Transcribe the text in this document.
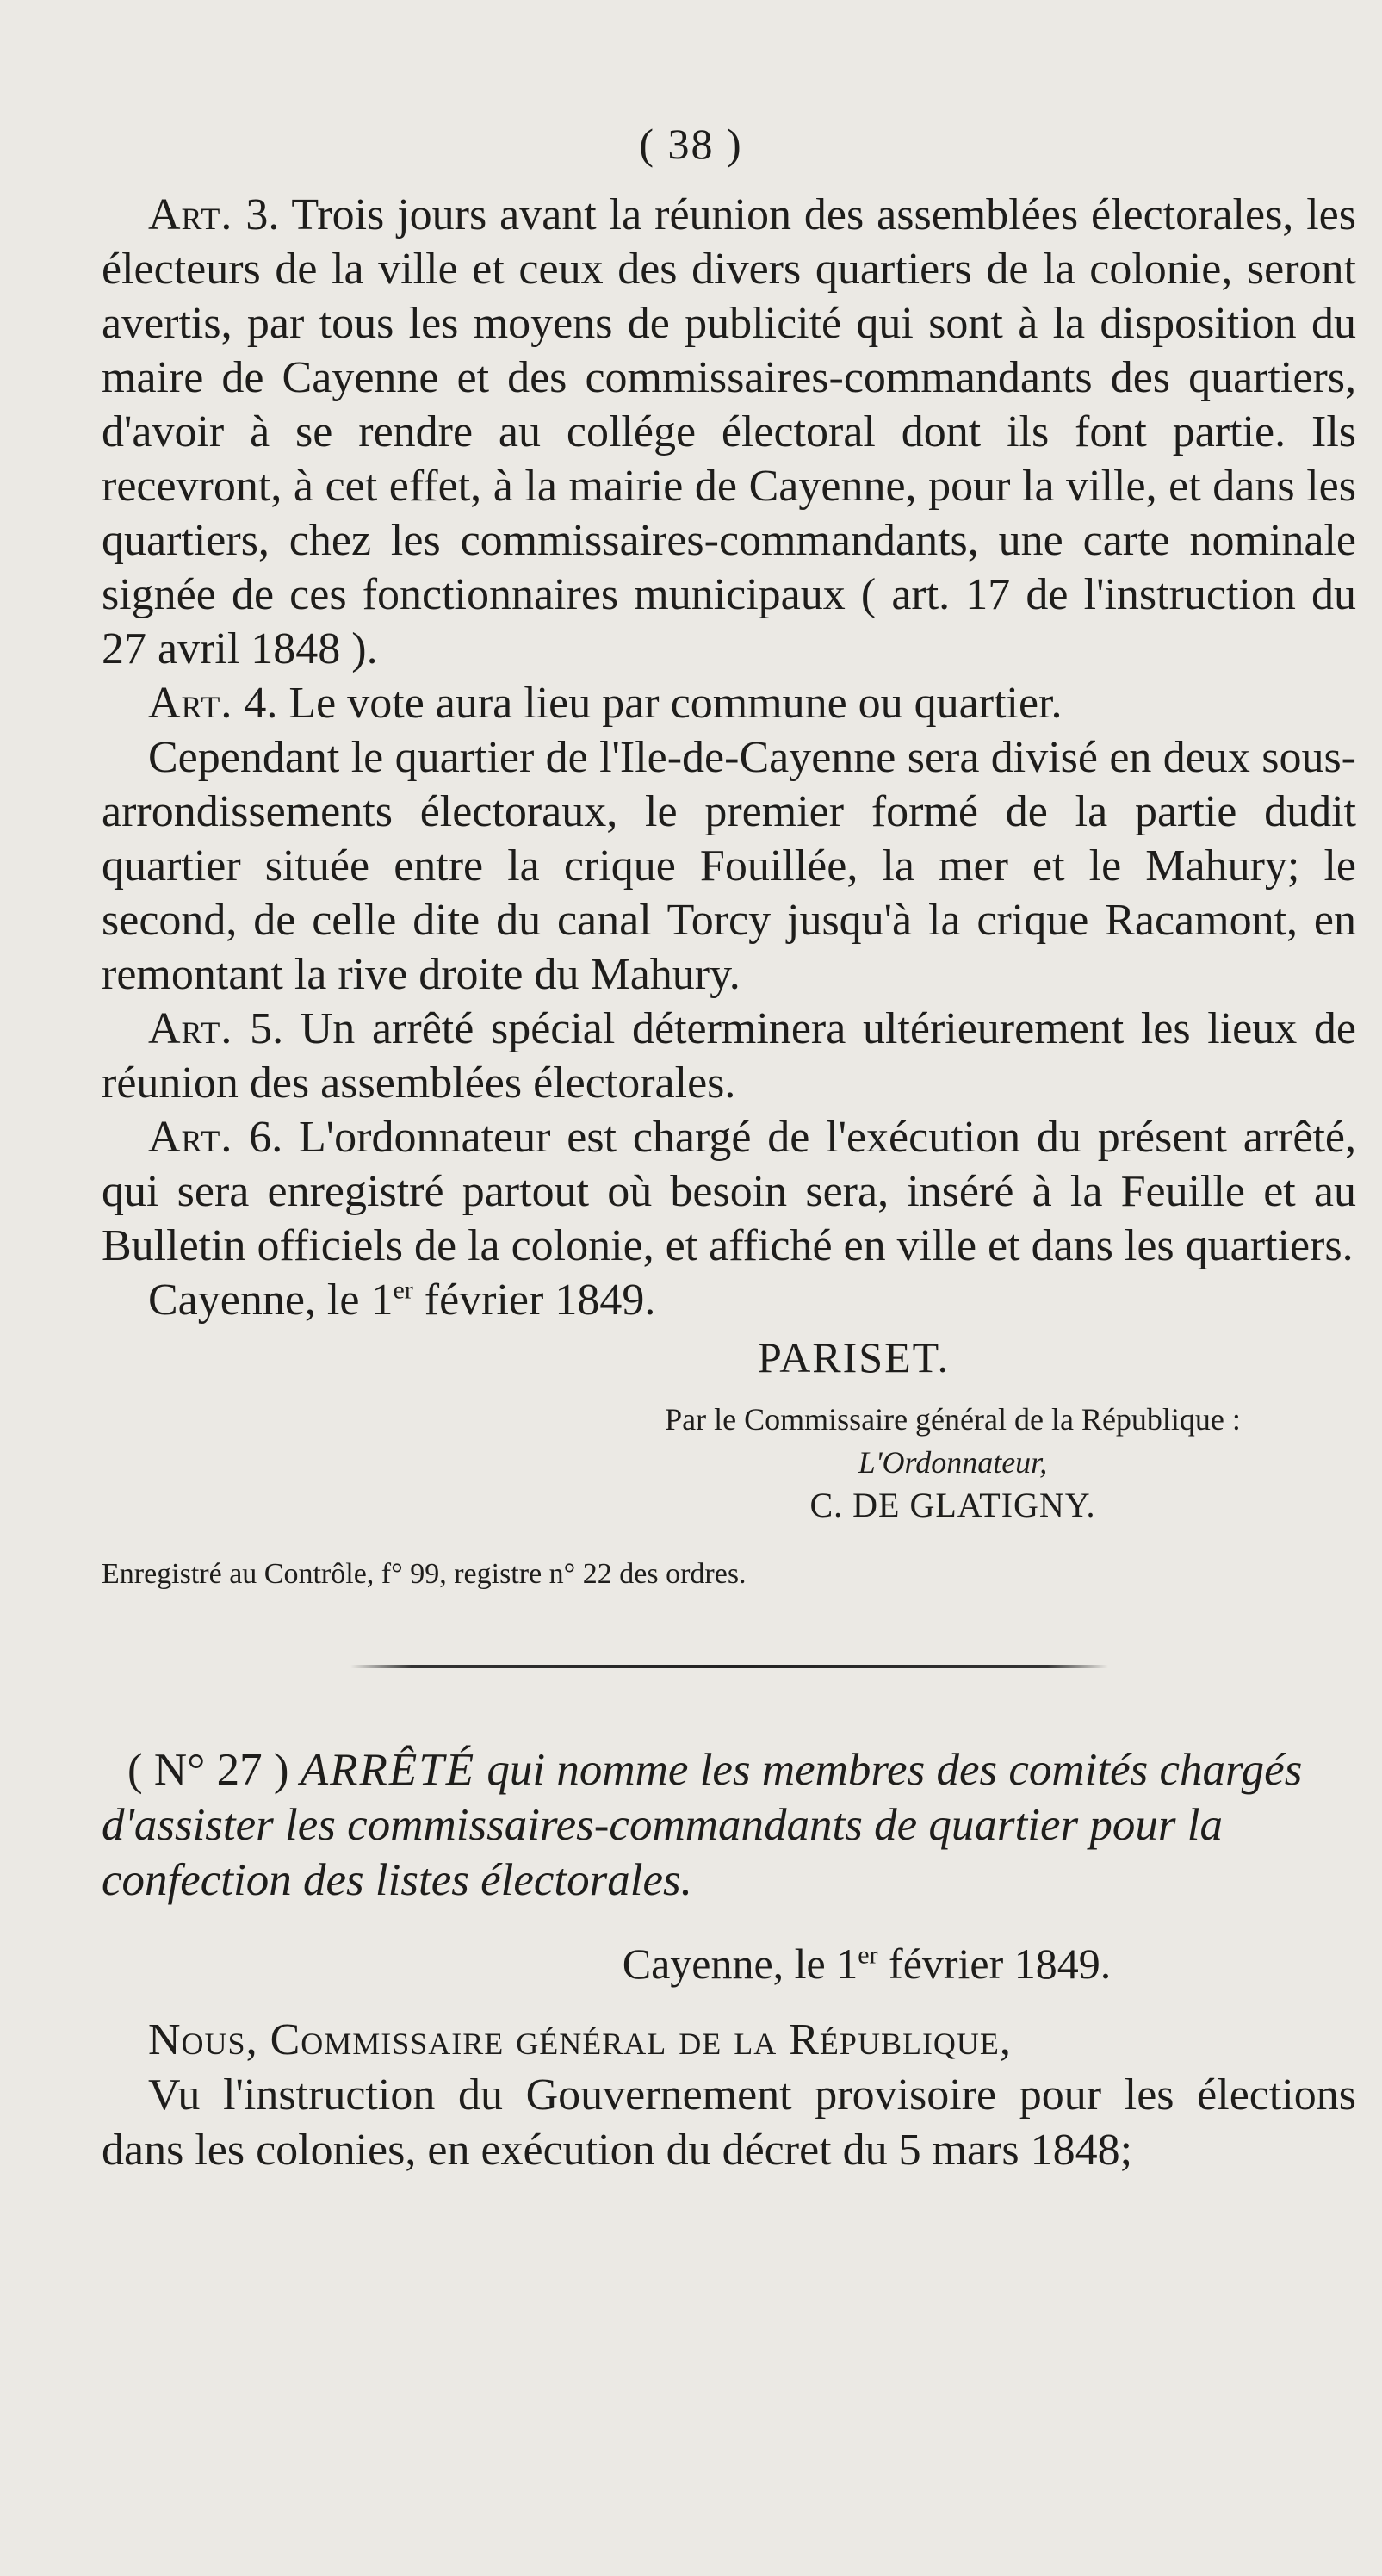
( 38 )

Art. 3. Trois jours avant la réunion des assemblées électorales, les électeurs de la ville et ceux des divers quartiers de la colonie, seront avertis, par tous les moyens de publicité qui sont à la disposition du maire de Cayenne et des commissaires-commandants des quartiers, d'avoir à se rendre au collége électoral dont ils font partie. Ils recevront, à cet effet, à la mairie de Cayenne, pour la ville, et dans les quartiers, chez les commissaires-commandants, une carte nominale signée de ces fonctionnaires municipaux ( art. 17 de l'instruction du 27 avril 1848 ).

Art. 4. Le vote aura lieu par commune ou quartier.

Cependant le quartier de l'Ile-de-Cayenne sera divisé en deux sous-arrondissements électoraux, le premier formé de la partie dudit quartier située entre la crique Fouillée, la mer et le Mahury; le second, de celle dite du canal Torcy jusqu'à la crique Racamont, en remontant la rive droite du Mahury.

Art. 5. Un arrêté spécial déterminera ultérieurement les lieux de réunion des assemblées électorales.

Art. 6. L'ordonnateur est chargé de l'exécution du présent arrêté, qui sera enregistré partout où besoin sera, inséré à la Feuille et au Bulletin officiels de la colonie, et affiché en ville et dans les quartiers.

Cayenne, le 1er février 1849.

PARISET.
Par le Commissaire général de la République :
L'Ordonnateur,
C. DE GLATIGNY.
Enregistré au Contrôle, f° 99, registre n° 22 des ordres.
( N° 27 ) ARRÊTÉ qui nomme les membres des comités chargés d'assister les commissaires-commandants de quartier pour la confection des listes électorales.
Cayenne, le 1er février 1849.
Nous, Commissaire général de la République,
Vu l'instruction du Gouvernement provisoire pour les élections dans les colonies, en exécution du décret du 5 mars 1848;
